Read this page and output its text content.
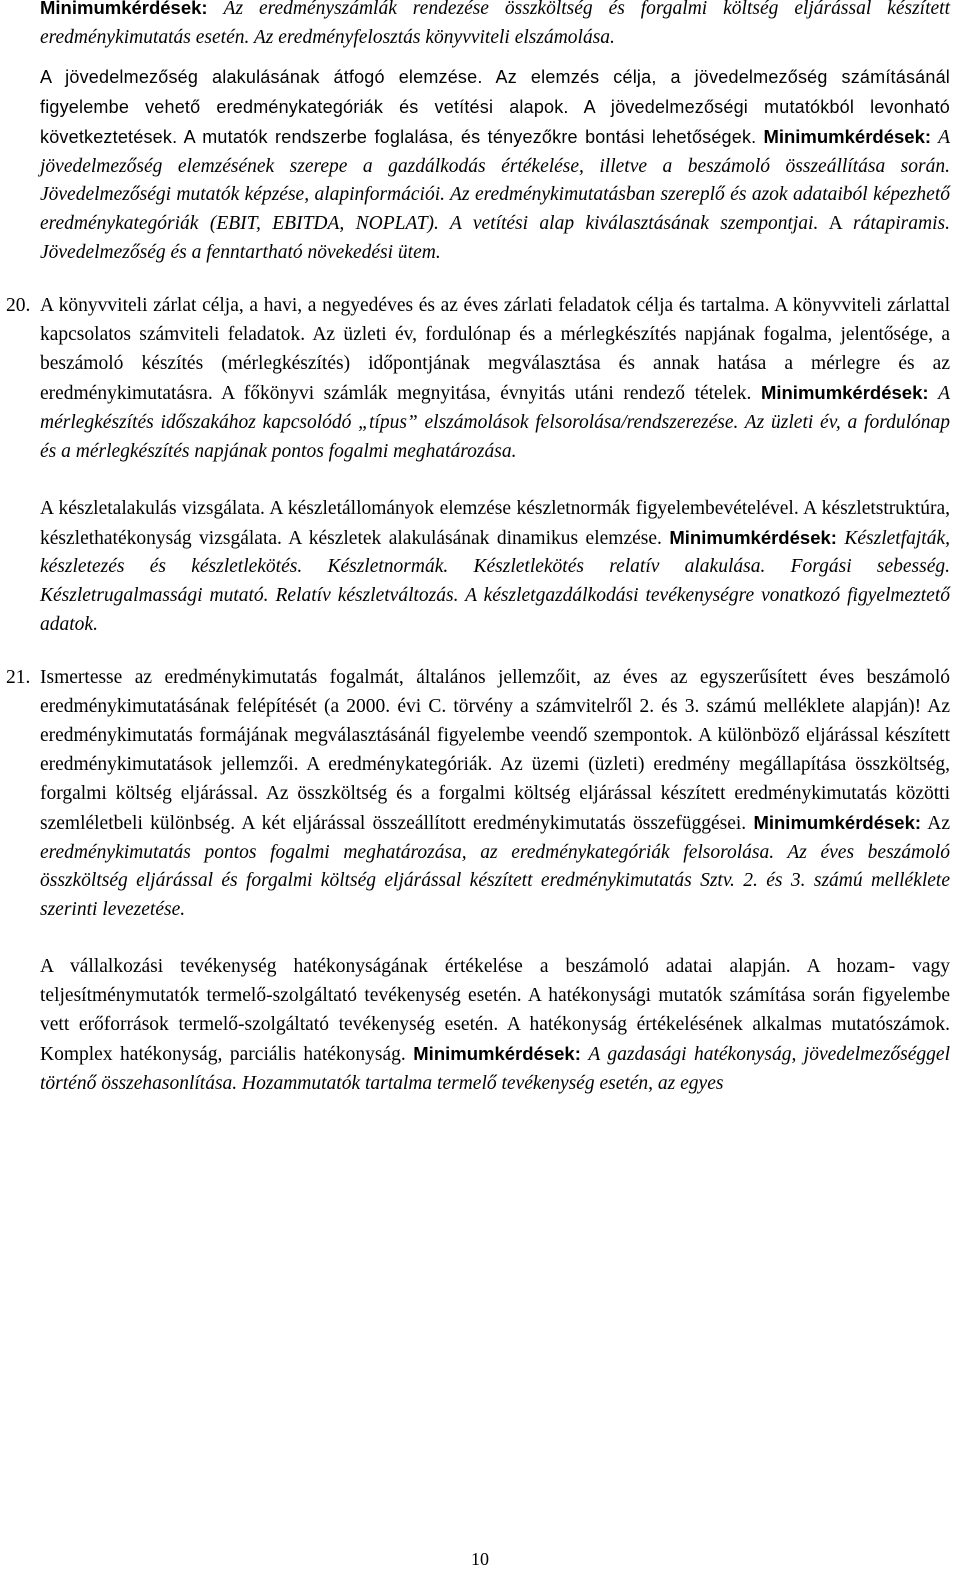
Minimumkérdések: Az eredményszámlák rendezése összköltség és forgalmi költség eljárással készített eredménykimutatás esetén. Az eredményfelosztás könyvviteli elszámolása.

A jövedelmezőség alakulásának átfogó elemzése. Az elemzés célja, a jövedelmezőség számításánál figyelembe vehető eredménykategóriák és vetítési alapok. A jövedelmezőségi mutatókból levonható következtetések. A mutatók rendszerbe foglalása, és tényezőkre bontási lehetőségek. Minimumkérdések: A jövedelmezőség elemzésének szerepe a gazdálkodás értékelése, illetve a beszámoló összeállítása során. Jövedelmezőségi mutatók képzése, alapinformációi. Az eredménykimutatásban szereplő és azok adataiból képezhető eredménykategóriák (EBIT, EBITDA, NOPLAT). A vetítési alap kiválasztásának szempontjai. A rátapiramis. Jövedelmezőség és a fenntartható növekedési ütem.

20. A könyvviteli zárlat célja, a havi, a negyedéves és az éves zárlati feladatok célja és tartalma. A könyvviteli zárlattal kapcsolatos számviteli feladatok. Az üzleti év, fordulónap és a mérlegkészítés napjának fogalma, jelentősége, a beszámoló készítés (mérlegkészítés) időpontjának megválasztása és annak hatása a mérlegre és az eredménykimutatásra. A főkönyvi számlák megnyitása, évnyitás utáni rendező tételek. Minimumkérdések: A mérlegkészítés időszakához kapcsolódó „típus” elszámolások felsorolása/rendszerezése. Az üzleti év, a fordulónap és a mérlegkészítés napjának pontos fogalmi meghatározása.

A készletalakulás vizsgálata. A készletállományok elemzése készletnormák figyelembevételével. A készletstruktúra, készlethatékonyság vizsgálata. A készletek alakulásának dinamikus elemzése. Minimumkérdések: Készletfajták, készletezés és készletlekötés. Készletnormák. Készletlekötés relatív alakulása. Forgási sebesség. Készletrugalmassági mutató. Relatív készletváltozás. A készletgazdálkodási tevékenységre vonatkozó figyelmeztető adatok.

21. Ismertesse az eredménykimutatás fogalmát, általános jellemzőit, az éves az egyszerűsített éves beszámoló eredménykimutatásának felépítését (a 2000. évi C. törvény a számvitelről 2. és 3. számú melléklete alapján)! Az eredménykimutatás formájának megválasztásánál figyelembe veendő szempontok. A különböző eljárással készített eredménykimutatások jellemzői. A eredménykategóriák. Az üzemi (üzleti) eredmény megállapítása összköltség, forgalmi költség eljárással. Az összköltség és a forgalmi költség eljárással készített eredménykimutatás közötti szemléletbeli különbség. A két eljárással összeállított eredménykimutatás összefüggései. Minimumkérdések: Az eredménykimutatás pontos fogalmi meghatározása, az eredménykategóriák felsorolása. Az éves beszámoló összköltség eljárással és forgalmi költség eljárással készített eredménykimutatás Sztv. 2. és 3. számú melléklete szerinti levezetése.

A vállalkozási tevékenység hatékonyságának értékelése a beszámoló adatai alapján. A hozam- vagy teljesítménymutatók termelő-szolgáltató tevékenység esetén. A hatékonysági mutatók számítása során figyelembe vett erőforrások termelő-szolgáltató tevékenység esetén. A hatékonyság értékelésének alkalmas mutatószámok. Komplex hatékonyság, parciális hatékonyság. Minimumkérdések: A gazdasági hatékonyság, jövedelmezőséggel történő összehasonlítása. Hozammutatók tartalma termelő tevékenység esetén, az egyes

10
